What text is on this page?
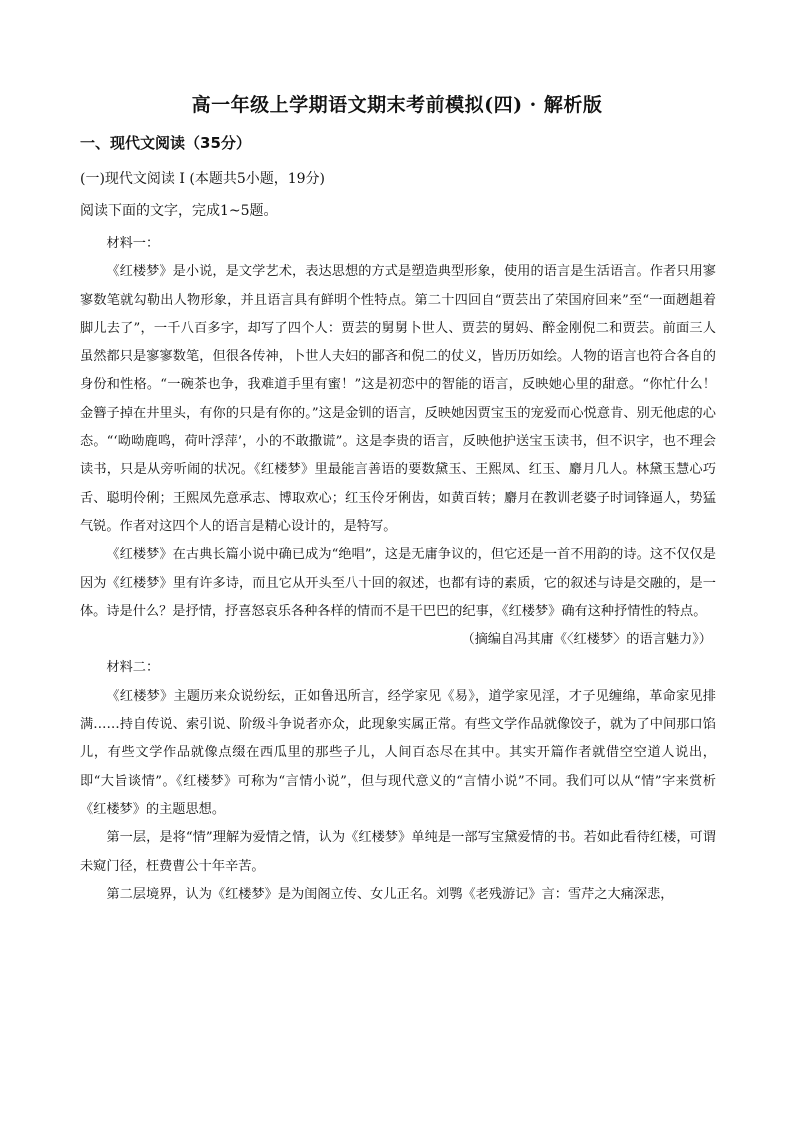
高一年级上学期语文期末考前模拟(四) · 解析版
一、现代文阅读（35分）
(一)现代文阅读 I (本题共5小题，19分)
阅读下面的文字，完成1~5题。

材料一：

《红楼梦》是小说，是文学艺术，表达思想的方式是塑造典型形象，使用的语言是生活语言。作者只用寥寥数笔就勾勒出人物形象，并且语言具有鲜明个性特点。第二十四回自“贾芸出了荣国府回来”至“一面趔趄着脚儿去了”，一千八百多字，却写了四个人：贾芸的舅舅卜世人、贾芸的舅妈、醉金刚倪二和贾芸。前面三人虽然都只是寥寥数笔，但很各传神，卜世人夫妇的鄙吝和倪二的仗义，皆历历如绘。人物的语言也符合各自的身份和性格。“一碗茶也争，我难道手里有蜜！”这是初恋中的智能的语言，反映她心里的甜意。“你忙什么！金簪子掉在井里头，有你的只是有你的。”这是金钏的语言，反映她因贾宝玉的宠爱而心悦意肯、别无他虑的心态。“‘呦呦鹿鸣，荷叶浮萍’，小的不敢撒谎”。这是李贵的语言，反映他护送宝玉读书，但不识字，也不理会读书，只是从旁听闹的状况。《红楼梦》里最能言善语的要数黛玉、王熙凤、红玉、麝月几人。林黛玉慧心巧舌、聪明伶俐；王熙凤先意承志、博取欢心；红玉伶牙俐齿，如黄百转；麝月在教训老婆子时词锋逼人，势猛气锐。作者对这四个人的语言是精心设计的，是特写。

《红楼梦》在古典长篇小说中确已成为“绝唱”，这是无庸争议的，但它还是一首不用韵的诗。这不仅仅是因为《红楼梦》里有许多诗，而且它从开头至八十回的叙述，也都有诗的素质，它的叙述与诗是交融的，是一体。诗是什么？是抒情，抒喜怒哀乐各种各样的情而不是干巴巴的纪事，《红楼梦》确有这种抒情性的特点。

（摘编自冯其庸《〈红楼梦〉的语言魅力》）

材料二：

《红楼梦》主题历来众说纷纭，正如鲁迅所言，经学家见《易》，道学家见淫，才子见缠绵，革命家见排满……持自传说、索引说、阶级斗争说者亦众，此现象实属正常。有些文学作品就像饺子，就为了中间那口馅儿，有些文学作品就像点缀在西瓜里的那些子儿，人间百态尽在其中。其实开篇作者就借空空道人说出，即“大旨谈情”。《红楼梦》可称为“言情小说”，但与现代意义的“言情小说”不同。我们可以从“情”字来赏析《红楼梦》的主题思想。

第一层，是将“情”理解为爱情之情，认为《红楼梦》单纯是一部写宝黛爱情的书。若如此看待红楼，可谓未窥门径，枉费曹公十年辛苦。

第二层境界，认为《红楼梦》是为闺阁立传、女儿正名。刘鹗《老残游记》言：雪芹之大痛深悲，
